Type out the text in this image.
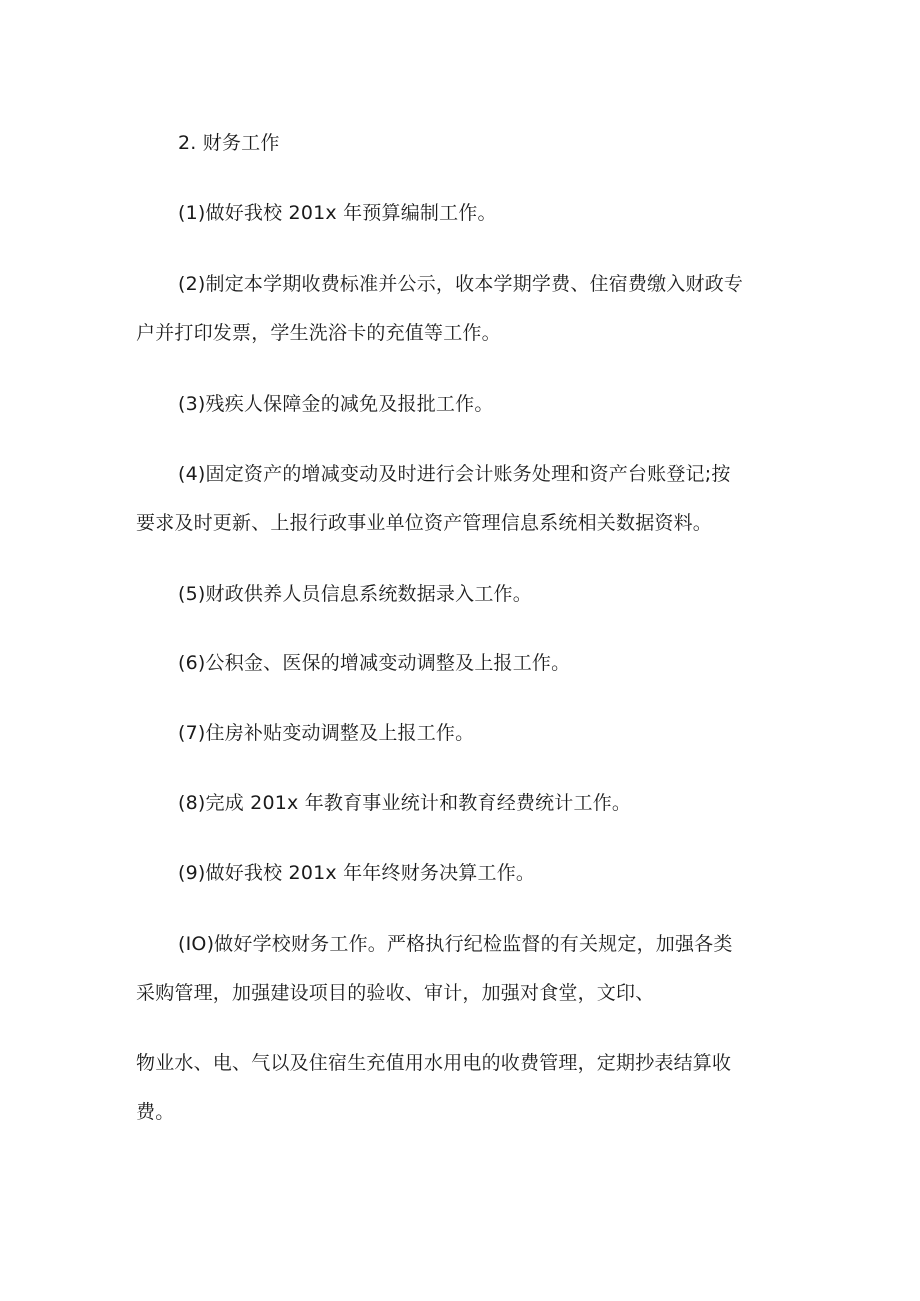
2. 财务工作
(1)做好我校 201x 年预算编制工作。
(2)制定本学期收费标准并公示，收本学期学费、住宿费缴入财政专
户并打印发票，学生洗浴卡的充值等工作。
(3)残疾人保障金的减免及报批工作。
(4)固定资产的增减变动及时进行会计账务处理和资产台账登记;按
要求及时更新、上报行政事业单位资产管理信息系统相关数据资料。
(5)财政供养人员信息系统数据录入工作。
(6)公积金、医保的增减变动调整及上报工作。
(7)住房补贴变动调整及上报工作。
(8)完成 201x 年教育事业统计和教育经费统计工作。
(9)做好我校 201x 年年终财务决算工作。
(IO)做好学校财务工作。严格执行纪检监督的有关规定，加强各类
采购管理，加强建设项目的验收、审计，加强对食堂，文印、
物业水、电、气以及住宿生充值用水用电的收费管理，定期抄表结算收
费。
